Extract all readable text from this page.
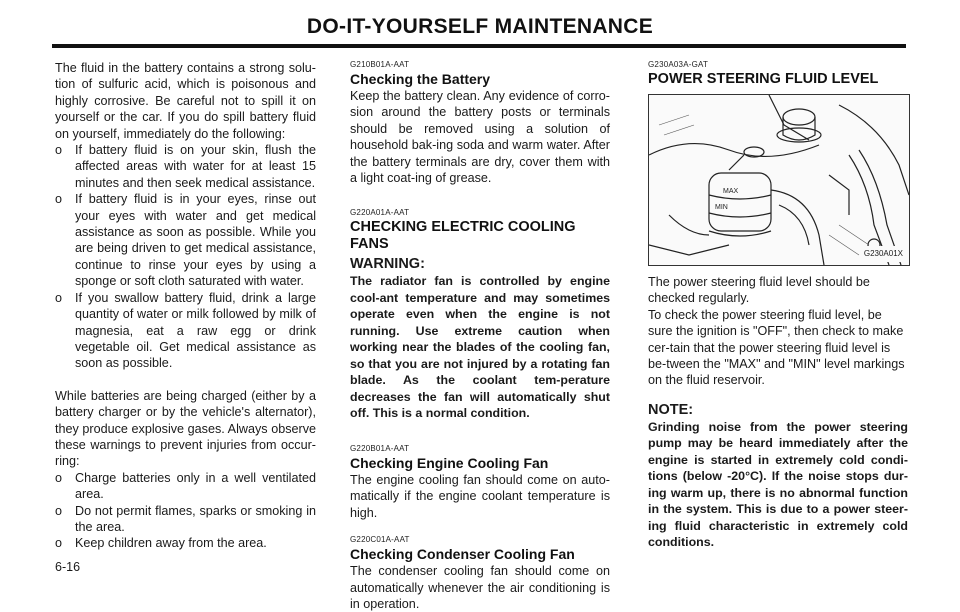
DO-IT-YOURSELF MAINTENANCE

The fluid in the battery contains a strong solu-tion of sulfuric acid, which is poisonous and highly corrosive. Be careful not to spill it on yourself or the car. If you do spill battery fluid on yourself, immediately do the following:

o If battery fluid is on your skin, flush the affected areas with water for at least 15 minutes and then seek medical assistance.
o If battery fluid is in your eyes, rinse out your eyes with water and get medical assistance as soon as possible. While you are being driven to get medical assistance, continue to rinse your eyes by using a sponge or soft cloth saturated with water.
o If you swallow battery fluid, drink a large quantity of water or milk followed by milk of magnesia, eat a raw egg or drink vegetable oil. Get medical assistance as soon as possible.

While batteries are being charged (either by a battery charger or by the vehicle's alternator), they produce explosive gases. Always observe these warnings to prevent injuries from occur-ring:

o Charge batteries only in a well ventilated area.
o Do not permit flames, sparks or smoking in the area.
o Keep children away from the area.
G210B01A-AAT
Checking the Battery

Keep the battery clean. Any evidence of corro-sion around the battery posts or terminals should be removed using a solution of household bak-ing soda and warm water. After the battery terminals are dry, cover them with a light coat-ing of grease.

G220A01A-AAT
CHECKING ELECTRIC COOLING FANS
WARNING:

The radiator fan is controlled by engine cool-ant temperature and may sometimes operate even when the engine is not running. Use extreme caution when working near the blades of the cooling fan, so that you are not injured by a rotating fan blade. As the coolant tem-perature decreases the fan will automatically shut off. This is a normal condition.

G220B01A-AAT
Checking Engine Cooling Fan

The engine cooling fan should come on auto-matically if the engine coolant temperature is high.

G220C01A-AAT
Checking Condenser Cooling Fan

The condenser cooling fan should come on automatically whenever the air conditioning is in operation.

G230A03A-GAT
POWER STEERING FLUID LEVEL
MAX
MIN
G230A01X

The power steering fluid level should be checked regularly.
To check the power steering fluid level, be sure the ignition is "OFF", then check to make cer-tain that the power steering fluid level is be-tween the "MAX" and "MIN" level markings on the fluid reservoir.

NOTE:

Grinding noise from the power steering pump may be heard immediately after the engine is started in extremely cold condi-tions (below -20°C). If the noise stops dur-ing warm up, there is no abnormal function in the system. This is due to a power steer-ing fluid characteristic in extremely cold conditions.

6-16
